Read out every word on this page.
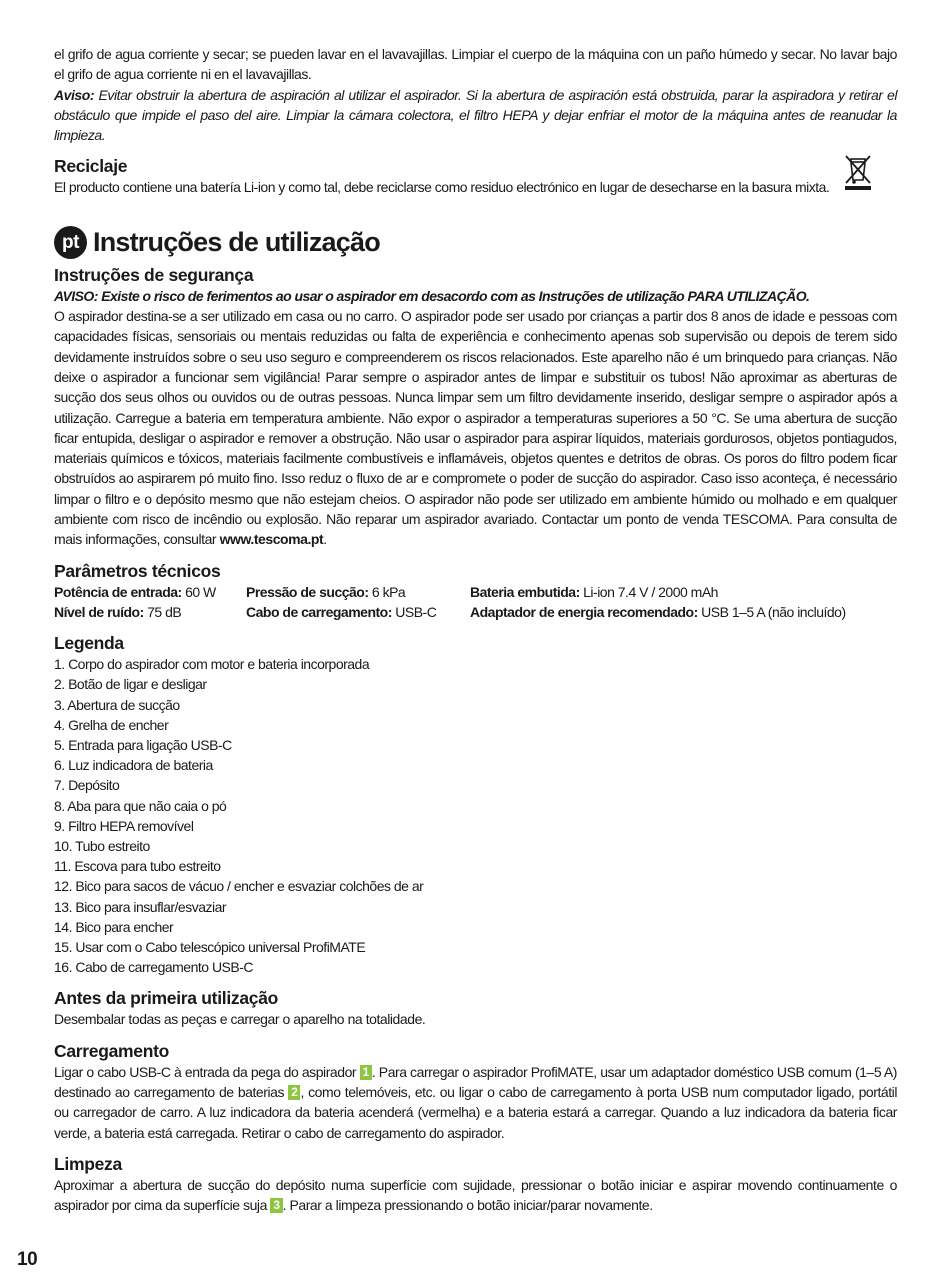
el grifo de agua corriente y secar; se pueden lavar en el lavavajillas. Limpiar el cuerpo de la máquina con un paño húmedo y secar. No lavar bajo el grifo de agua corriente ni en el lavavajillas.

Aviso: Evitar obstruir la abertura de aspiración al utilizar el aspirador. Si la abertura de aspiración está obstruida, parar la aspiradora y retirar el obstáculo que impide el paso del aire. Limpiar la cámara colectora, el filtro HEPA y dejar enfriar el motor de la máquina antes de reanudar la limpieza.

Reciclaje

El producto contiene una batería Li-ion y como tal, debe reciclarse como residuo electrónico en lugar de desecharse en la basura mixta.

pt Instruções de utilização
Instruções de segurança
AVISO: Existe o risco de ferimentos ao usar o aspirador em desacordo com as Instruções de utilização PARA UTILIZAÇÃO.

O aspirador destina-se a ser utilizado em casa ou no carro. O aspirador pode ser usado por crianças a partir dos 8 anos de idade e pessoas com capacidades físicas, sensoriais ou mentais reduzidas ou falta de experiência e conhecimento apenas sob supervisão ou depois de terem sido devidamente instruídos sobre o seu uso seguro e compreenderem os riscos relacionados. Este aparelho não é um brinquedo para crianças. Não deixe o aspirador a funcionar sem vigilância! Parar sempre o aspirador antes de limpar e substituir os tubos! Não aproximar as aberturas de sucção dos seus olhos ou ouvidos ou de outras pessoas. Nunca limpar sem um filtro devidamente inserido, desligar sempre o aspirador após a utilização. Carregue a bateria em temperatura ambiente. Não expor o aspirador a temperaturas superiores a 50 °C. Se uma abertura de sucção ficar entupida, desligar o aspirador e remover a obstrução. Não usar o aspirador para aspirar líquidos, materiais gordurosos, objetos pontiagudos, materiais químicos e tóxicos, materiais facilmente combustíveis e inflamáveis, objetos quentes e detritos de obras. Os poros do filtro podem ficar obstruídos ao aspirarem pó muito fino. Isso reduz o fluxo de ar e compromete o poder de sucção do aspirador. Caso isso aconteça, é necessário limpar o filtro e o depósito mesmo que não estejam cheios. O aspirador não pode ser utilizado em ambiente húmido ou molhado e em qualquer ambiente com risco de incêndio ou explosão. Não reparar um aspirador avariado. Contactar um ponto de venda TESCOMA. Para consulta de mais informações, consultar www.tescoma.pt.

Parâmetros técnicos
Potência de entrada: 60 W	Pressão de sucção: 6 kPa	Bateria embutida: Li-ion 7.4 V / 2000 mAh
Nível de ruído: 75 dB	Cabo de carregamento: USB-C	Adaptador de energia recomendado: USB 1–5 A (não incluído)
Legenda
1. Corpo do aspirador com motor e bateria incorporada
2. Botão de ligar e desligar
3. Abertura de sucção
4. Grelha de encher
5. Entrada para ligação USB-C
6. Luz indicadora de bateria
7. Depósito
8. Aba para que não caia o pó
9. Filtro HEPA removível
10. Tubo estreito
11. Escova para tubo estreito
12. Bico para sacos de vácuo / encher e esvaziar colchões de ar
13. Bico para insuflar/esvaziar
14. Bico para encher
15. Usar com o Cabo telescópico universal ProfiMATE
16. Cabo de carregamento USB-C
Antes da primeira utilização

Desembalar todas as peças e carregar o aparelho na totalidade.

Carregamento

Ligar o cabo USB-C à entrada da pega do aspirador 1 . Para carregar o aspirador ProfiMATE, usar um adaptador doméstico USB comum (1–5 A) destinado ao carregamento de baterias 2 , como telemóveis, etc. ou ligar o cabo de carregamento à porta USB num computador ligado, portátil ou carregador de carro. A luz indicadora da bateria acenderá (vermelha) e a bateria estará a carregar. Quando a luz indicadora da bateria ficar verde, a bateria está carregada. Retirar o cabo de carregamento do aspirador.

Limpeza

Aproximar a abertura de sucção do depósito numa superfície com sujidade, pressionar o botão iniciar e aspirar movendo continuamente o aspirador por cima da superfície suja 3 . Parar a limpeza pressionando o botão iniciar/parar novamente.

10
